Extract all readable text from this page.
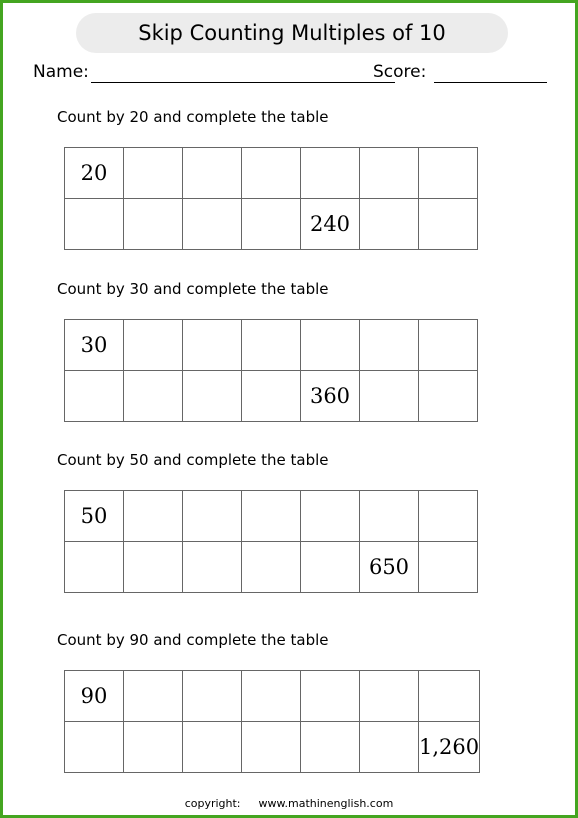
Skip Counting Multiples of 10
Name:	Score:
Count by 20 and complete the table
20						
				240		
Count by 30 and complete the table
30						
				360		
Count by 50 and complete the table
50						
					650	
Count by 90 and complete the table
90						
						1,260
copyright: www.mathinenglish.com
